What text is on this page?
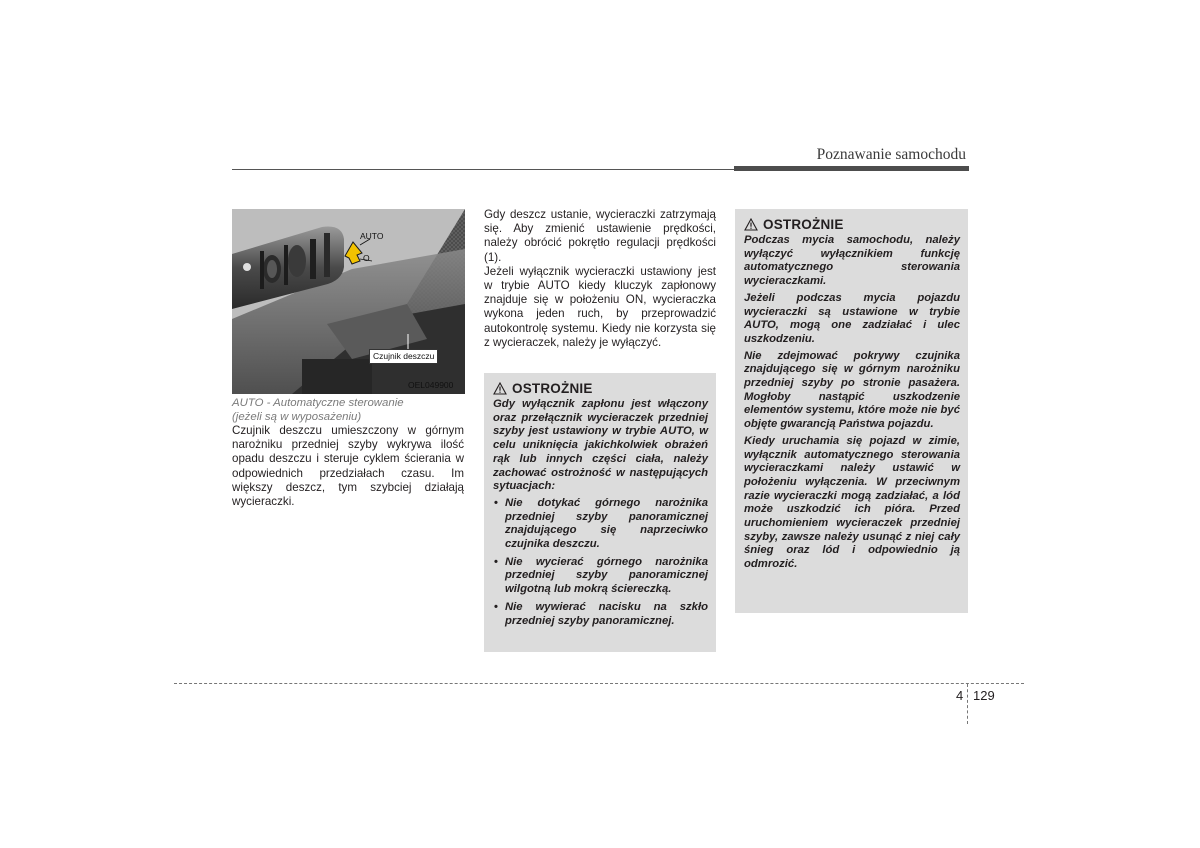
Poznawanie samochodu
AUTO
O
Czujnik deszczu
OEL049900
AUTO - Automatyczne sterowanie
(jeżeli są w wyposażeniu)

Czujnik deszczu umieszczony w górnym narożniku przedniej szyby wykrywa ilość opadu deszczu i steruje cyklem ścierania w odpowiednich przedziałach czasu. Im większy deszcz, tym szybciej działają wycieraczki.

Gdy deszcz ustanie, wycieraczki zatrzymają się. Aby zmienić ustawienie prędkości, należy obrócić pokrętło regulacji prędkości (1).

Jeżeli wyłącznik wycieraczki ustawiony jest w trybie AUTO kiedy kluczyk zapłonowy znajduje się w położeniu ON, wycieraczka wykona jeden ruch, by przeprowadzić autokontrolę systemu. Kiedy nie korzysta się z wycieraczek, należy je wyłączyć.

OSTROŻNIE

Gdy wyłącznik zapłonu jest włączony oraz przełącznik wycieraczek przedniej szyby jest ustawiony w trybie AUTO, w celu uniknięcia jakichkolwiek obrażeń rąk lub innych części ciała, należy zachować ostrożność w następujących sytuacjach:

• Nie dotykać górnego narożnika przedniej szyby panoramicznej znajdującego się naprzeciwko czujnika deszczu.
• Nie wycierać górnego narożnika przedniej szyby panoramicznej wilgotną lub mokrą ściereczką.
• Nie wywierać nacisku na szkło przedniej szyby panoramicznej.
OSTROŻNIE

Podczas mycia samochodu, należy wyłączyć wyłącznikiem funkcję automatycznego sterowania wycieraczkami.

Jeżeli podczas mycia pojazdu wycieraczki są ustawione w trybie AUTO, mogą one zadziałać i ulec uszkodzeniu.

Nie zdejmować pokrywy czujnika znajdującego się w górnym narożniku przedniej szyby po stronie pasażera. Mogłoby nastąpić uszkodzenie elementów systemu, które może nie być objęte gwarancją Państwa pojazdu.

Kiedy uruchamia się pojazd w zimie, wyłącznik automatycznego sterowania wycieraczkami należy ustawić w położeniu wyłączenia. W przeciwnym razie wycieraczki mogą zadziałać, a lód może uszkodzić ich pióra. Przed uruchomieniem wycieraczek przedniej szyby, zawsze należy usunąć z niej cały śnieg oraz lód i odpowiednio ją odmrozić.

4 129
